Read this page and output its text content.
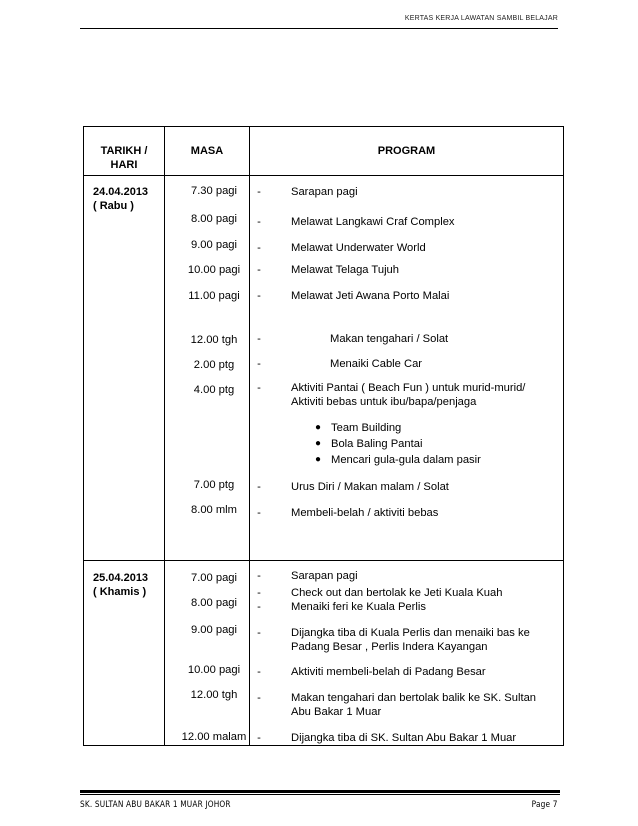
KERTAS KERJA LAWATAN SAMBIL BELAJAR
TARIKH / HARI
MASA	PROGRAM
24.04.2013
( Rabu )
7.30 pagi	-	Sarapan pagi
8.00 pagi	-	Melawat Langkawi Craf Complex
9.00 pagi	-	Melawat Underwater World
10.00 pagi	-	Melawat Telaga Tujuh
11.00 pagi	-	Melawat Jeti Awana Porto Malai
12.00 tgh	-	Makan tengahari / Solat
2.00 ptg	-	Menaiki Cable Car
4.00 ptg	-	Aktiviti Pantai ( Beach Fun ) untuk murid-murid/
Aktiviti bebas untuk ibu/bapa/penjaga
● Team Building
● Bola Baling Pantai
● Mencari gula-gula dalam pasir
7.00 ptg	-	Urus Diri / Makan malam / Solat
8.00 mlm	-	Membeli-belah / aktiviti bebas
25.04.2013
( Khamis )
7.00 pagi	-	Sarapan pagi
-	Check out dan bertolak ke Jeti Kuala Kuah
8.00 pagi	-	Menaiki feri ke Kuala Perlis
9.00 pagi	-	Dijangka tiba di Kuala Perlis dan menaiki bas ke
Padang Besar , Perlis Indera Kayangan
10.00 pagi	-	Aktiviti membeli-belah di Padang Besar
12.00 tgh	-	Makan tengahari dan bertolak balik ke SK. Sultan
Abu Bakar 1 Muar
12.00 malam -	Dijangka tiba di SK. Sultan Abu Bakar 1 Muar
SK. SULTAN ABU BAKAR 1 MUAR JOHOR	Page 7
